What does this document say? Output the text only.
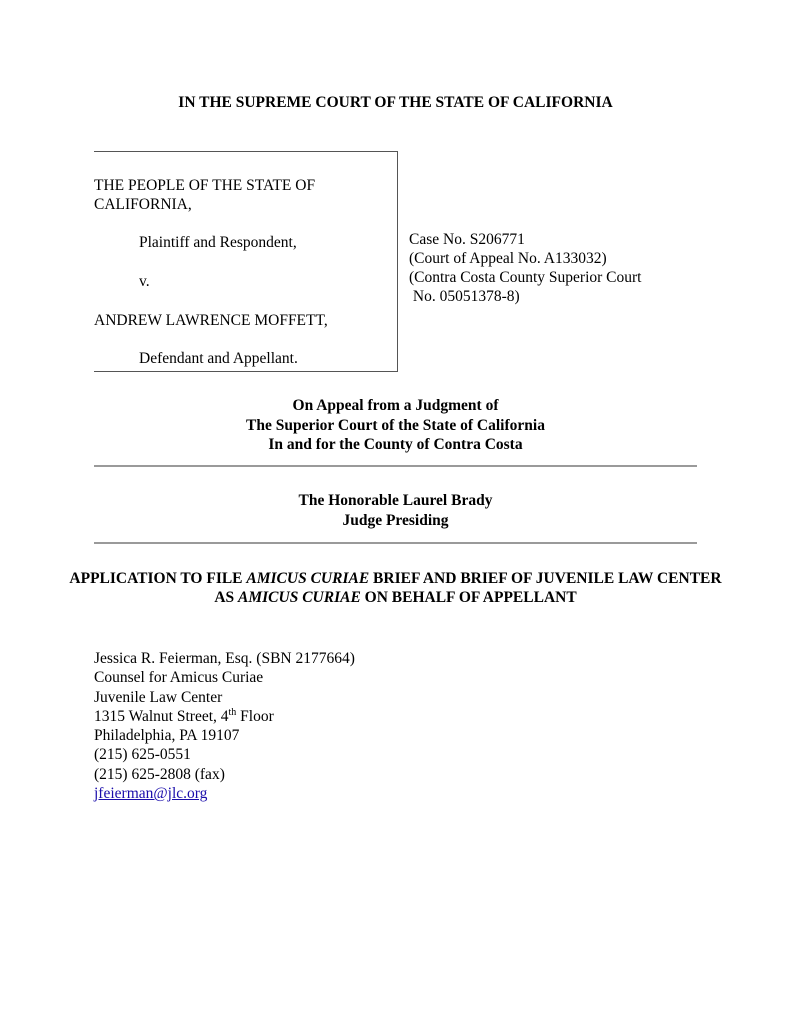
IN THE SUPREME COURT OF THE STATE OF CALIFORNIA
THE PEOPLE OF THE STATE OF
CALIFORNIA,
Plaintiff and Respondent,
v.
ANDREW LAWRENCE MOFFETT,
Defendant and Appellant.
Case No. S206771
(Court of Appeal No. A133032)
(Contra Costa County Superior Court
No. 05051378-8)
On Appeal from a Judgment of
The Superior Court of the State of California
In and for the County of Contra Costa
The Honorable Laurel Brady
Judge Presiding
APPLICATION TO FILE AMICUS CURIAE BRIEF AND BRIEF OF JUVENILE LAW CENTER AS AMICUS CURIAE ON BEHALF OF APPELLANT
Jessica R. Feierman, Esq. (SBN 2177664)
Counsel for Amicus Curiae
Juvenile Law Center
1315 Walnut Street, 4th Floor
Philadelphia, PA 19107
(215) 625-0551
(215) 625-2808 (fax)
jfeierman@jlc.org
